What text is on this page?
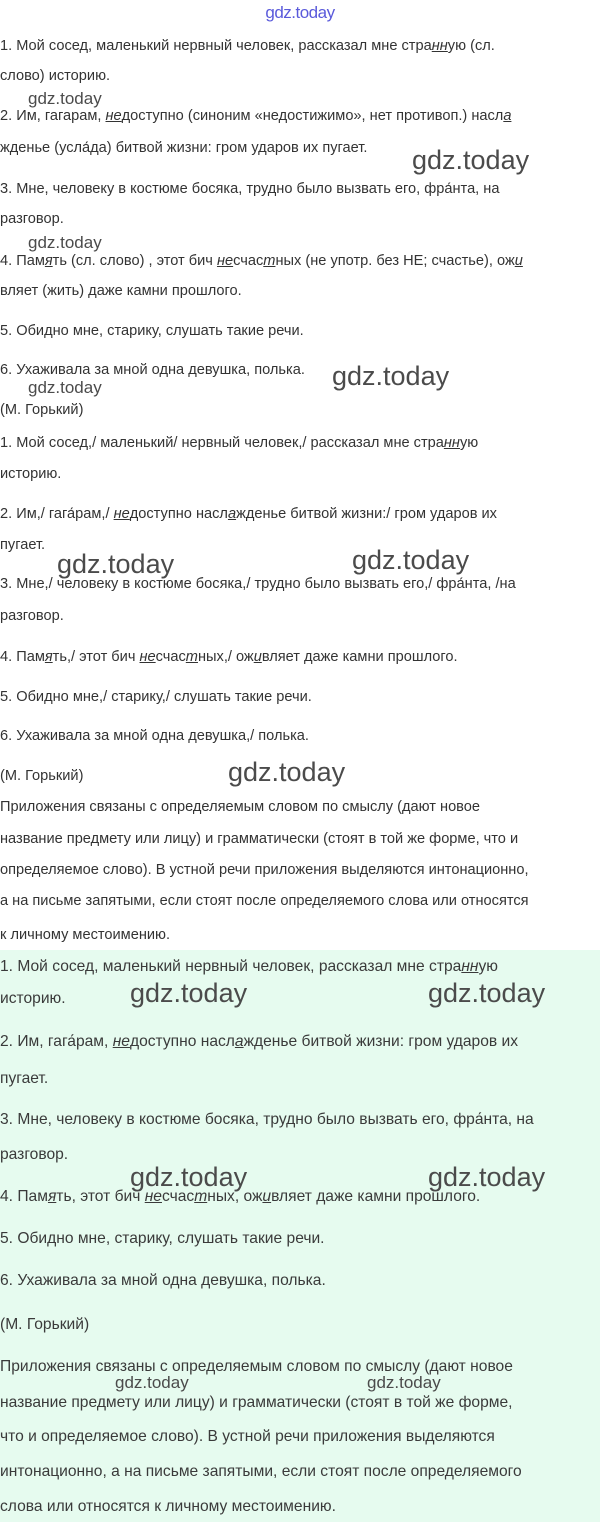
gdz.today
1. Мой сосед, маленький нервный человек, рассказал мне странную (сл.
слово) историю.
2. Им, гагарам, недоступно (синоним «недостижимо», нет противоп.) насла
жденье (усла́да) битвой жизни: гром ударов их пугает.
3. Мне, человеку в костюме босяка, трудно было вызвать его, фра́нта, на
разговор.
4. Память (сл. слово) , этот бич несчастных (не употр. без НЕ; счастье), ожи
вляет (жить) даже камни прошлого.
5. Обидно мне, старику, слушать такие речи.
6. Ухаживала за мной одна девушка, полька.
(М. Горький)
1. Мой сосед,/ маленький/ нервный человек,/ рассказал мне странную
историю.
2. Им,/ гага́рам,/ недоступно наслажденье битвой жизни:/ гром ударов их
пугает.
3. Мне,/ человеку в костюме босяка,/ трудно было вызвать его,/ фра́нта, /на
разговор.
4. Память,/ этот бич несчастных,/ оживляет даже камни прошлого.
5. Обидно мне,/ старику,/ слушать такие речи.
6. Ухаживала за мной одна девушка,/ полька.
(М. Горький)
Приложения связаны с определяемым словом по смыслу (дают новое
название предмету или лицу) и грамматически (стоят в той же форме, что и
определяемое слово). В устной речи приложения выделяются интонационно,
а на письме запятыми, если стоят после определяемого слова или относятся
к личному местоимению.
1. Мой сосед, маленький нервный человек, рассказал мне странную
историю.
2. Им, гага́рам, недоступно наслажденье битвой жизни: гром ударов их
пугает.
3. Мне, человеку в костюме босяка, трудно было вызвать его, фра́нта, на
разговор.
4. Память, этот бич несчастных, оживляет даже камни прошлого.
5. Обидно мне, старику, слушать такие речи.
6. Ухаживала за мной одна девушка, полька.
(М. Горький)
Приложения связаны с определяемым словом по смыслу (дают новое
название предмету или лицу) и грамматически (стоят в той же форме,
что и определяемое слово). В устной речи приложения выделяются
интонационно, а на письме запятыми, если стоят после определяемого
слова или относятся к личному местоимению.
gdz.today
gdz.today
gdz.today
gdz.today
gdz.today
gdz.today	gdz.today
gdz.today
gdz.today	gdz.today
gdz.today	gdz.today
gdz.today	gdz.today
